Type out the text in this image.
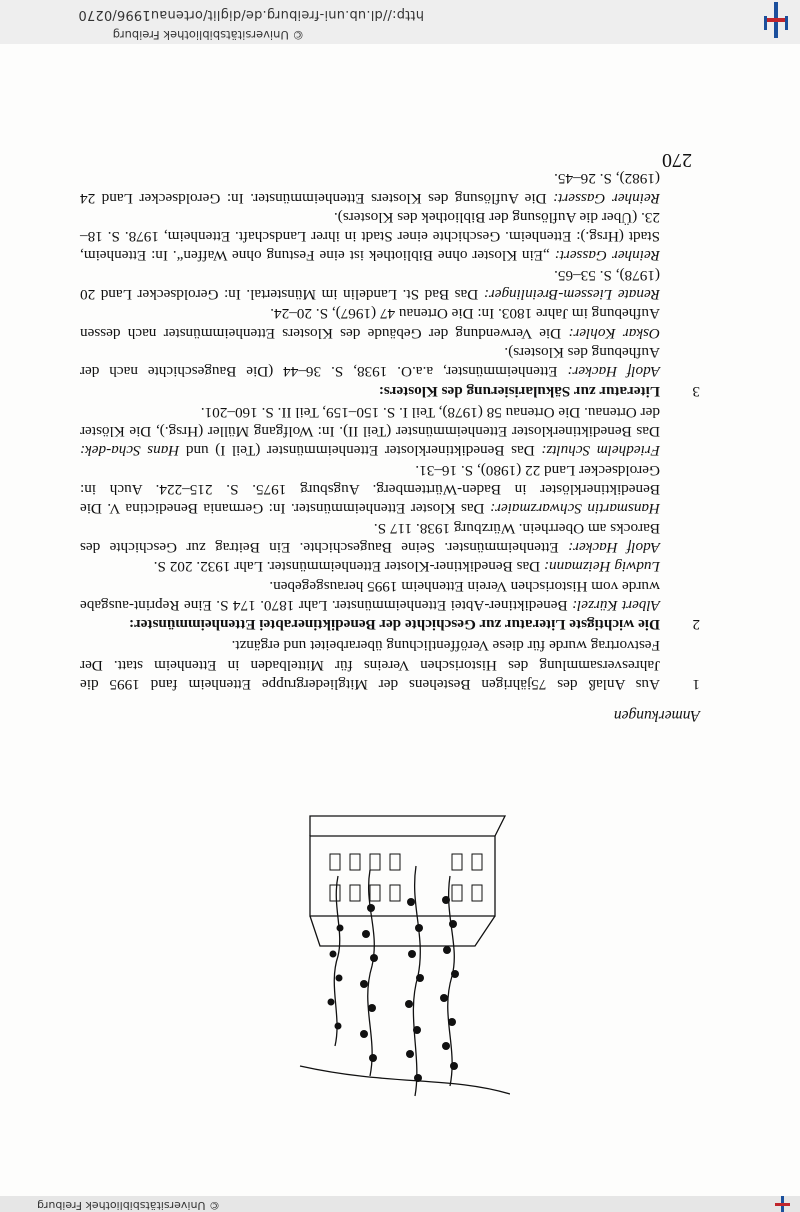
http://dl.ub.uni-freiburg.de/diglit/ortenau1996/0270
© Universitätsbibliothek Freiburg
Anmerkungen
1

Aus Anlaß des 75jährigen Bestehens der Mitgliedergruppe Ettenheim fand 1995 die Jahresversammlung des Historischen Vereins für Mittelbaden in Ettenheim statt. Der Festvortrag wurde für diese Veröffentlichung überarbeitet und ergänzt.

2

Die wichtigste Literatur zur Geschichte der Benediktinerabtei Ettenheimmünster:

Albert Kürzel: Benediktiner-Abtei Ettenheimmünster. Lahr 1870. 174 S. Eine Reprint-ausgabe wurde vom Historischen Verein Ettenheim 1995 herausgegeben.

Ludwig Heizmann: Das Benediktiner-Kloster Ettenheimmünster. Lahr 1932. 202 S.

Adolf Hacker: Ettenheimmünster. Seine Baugeschichte. Ein Beitrag zur Geschichte des Barocks am Oberrhein. Würzburg 1938. 117 S.

Hansmartin Schwarzmaier: Das Kloster Ettenheimmünster. In: Germania Benedictina V. Die Benediktinerklöster in Baden-Württemberg. Augsburg 1975. S. 215–224. Auch in: Geroldsecker Land 22 (1980), S. 16–31.

Friedhelm Schultz: Das Benediktinerkloster Ettenheimmünster (Teil I) und Hans Scha-dek: Das Benediktinerkloster Ettenheimmünster (Teil II). In: Wolfgang Müller (Hrsg.), Die Klöster der Ortenau. Die Ortenau 58 (1978), Teil I. S. 150–159, Teil II. S. 160–201.

3

Literatur zur Säkularisierung des Klosters:

Adolf Hacker: Ettenheimmünster, a.a.O. 1938, S. 36–44 (Die Baugeschichte nach der Aufhebung des Klosters).

Oskar Kohler: Die Verwendung der Gebäude des Klosters Ettenheimmünster nach dessen Aufhebung im Jahre 1803. In: Die Ortenau 47 (1967), S. 20–24.

Renate Liessem-Breinlinger: Das Bad St. Landelin im Münstertal. In: Geroldsecker Land 20 (1978), S. 53–65.

Reinher Gassert: „Ein Kloster ohne Bibliothek ist eine Festung ohne Waffen“. In: Ettenheim, Stadt (Hrsg.): Ettenheim. Geschichte einer Stadt in ihrer Landschaft. Ettenheim, 1978. S. 18–23. (Über die Auflösung der Bibliothek des Klosters).

Reinher Gassert: Die Auflösung des Klosters Ettenheimmünster. In: Geroldsecker Land 24 (1982), S. 26–45.

270
© Universitätsbibliothek Freiburg
